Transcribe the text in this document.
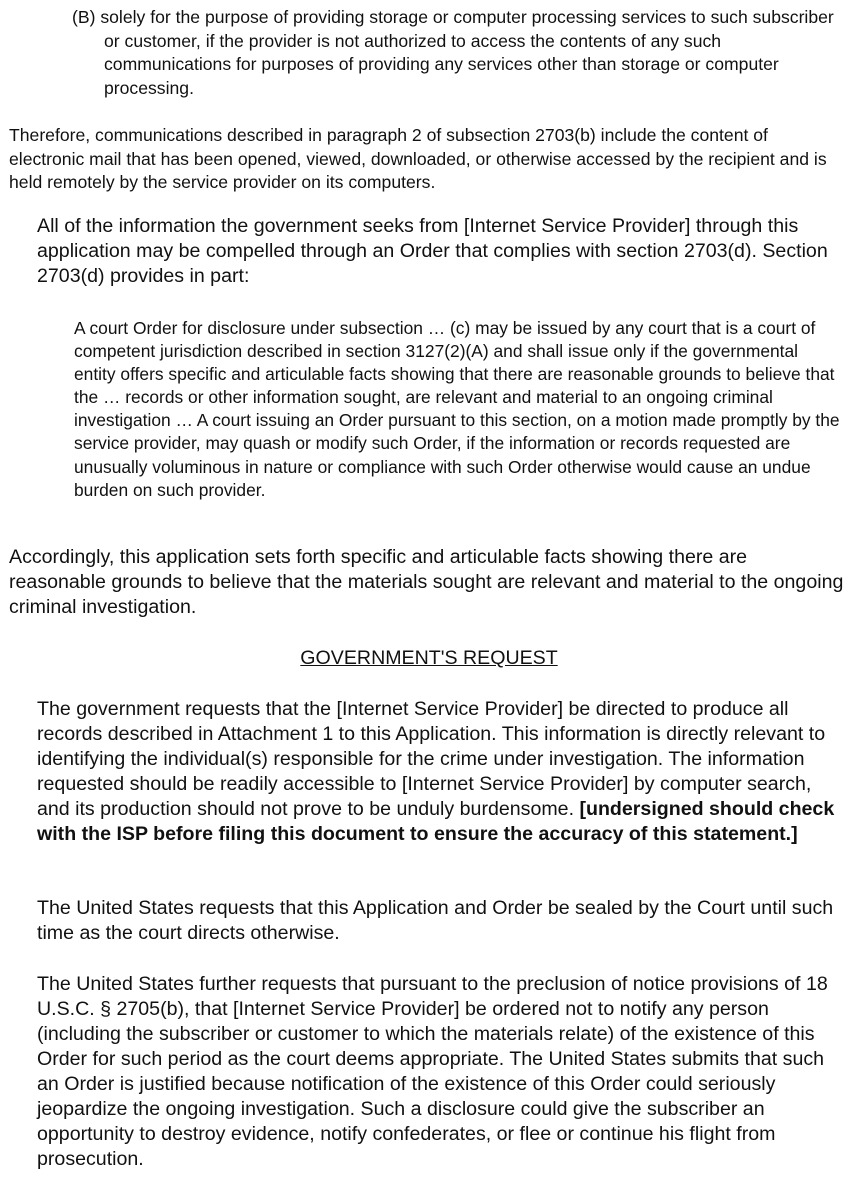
(B) solely for the purpose of providing storage or computer processing services to such subscriber or customer, if the provider is not authorized to access the contents of any such communications for purposes of providing any services other than storage or computer processing.

Therefore, communications described in paragraph 2 of subsection 2703(b) include the content of electronic mail that has been opened, viewed, downloaded, or otherwise accessed by the recipient and is held remotely by the service provider on its computers.

All of the information the government seeks from [Internet Service Provider] through this application may be compelled through an Order that complies with section 2703(d). Section 2703(d) provides in part:

A court Order for disclosure under subsection … (c) may be issued by any court that is a court of competent jurisdiction described in section 3127(2)(A) and shall issue only if the governmental entity offers specific and articulable facts showing that there are reasonable grounds to believe that the … records or other information sought, are relevant and material to an ongoing criminal investigation … A court issuing an Order pursuant to this section, on a motion made promptly by the service provider, may quash or modify such Order, if the information or records requested are unusually voluminous in nature or compliance with such Order otherwise would cause an undue burden on such provider.

Accordingly, this application sets forth specific and articulable facts showing there are reasonable grounds to believe that the materials sought are relevant and material to the ongoing criminal investigation.

GOVERNMENT'S REQUEST
The government requests that the [Internet Service Provider] be directed to produce all records described in Attachment 1 to this Application. This information is directly relevant to identifying the individual(s) responsible for the crime under investigation. The information requested should be readily accessible to [Internet Service Provider] by computer search, and its production should not prove to be unduly burdensome. [undersigned should check with the ISP before filing this document to ensure the accuracy of this statement.]
The United States requests that this Application and Order be sealed by the Court until such time as the court directs otherwise.
The United States further requests that pursuant to the preclusion of notice provisions of 18 U.S.C. § 2705(b), that [Internet Service Provider] be ordered not to notify any person (including the subscriber or customer to which the materials relate) of the existence of this Order for such period as the court deems appropriate. The United States submits that such an Order is justified because notification of the existence of this Order could seriously jeopardize the ongoing investigation. Such a disclosure could give the subscriber an opportunity to destroy evidence, notify confederates, or flee or continue his flight from prosecution.
